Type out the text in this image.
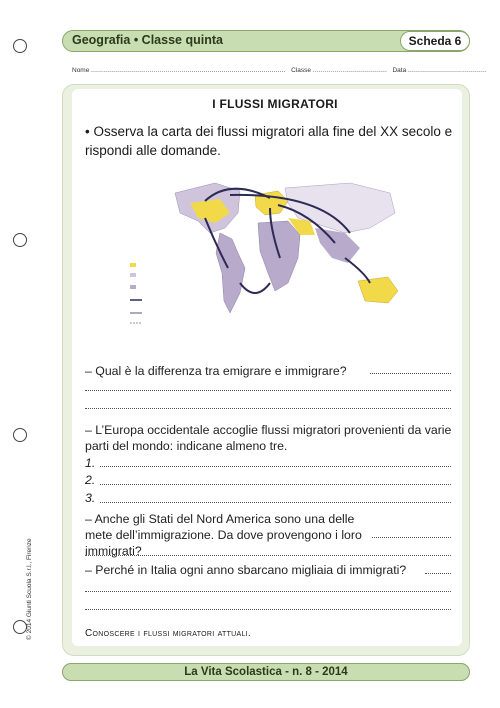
Geografia • Classe quinta	Scheda 6
Nome ................................................................................................. Classe ..................................... Data .......................................
I FLUSSI MIGRATORI
• Osserva la carta dei flussi migratori alla fine del XX secolo e rispondi alle domande.
– Qual è la differenza tra emigrare e immigrare?
– L’Europa occidentale accoglie flussi migratori provenienti da varie parti del mondo: indicane almeno tre.
1.
2.
3.
– Anche gli Stati del Nord America sono una delle mete dell’immigrazione. Da dove provengono i loro immigrati?
– Perché in Italia ogni anno sbarcano migliaia di immigrati?
Conoscere i flussi migratori attuali.
La Vita Scolastica - n. 8 - 2014
© 2014 Giunti Scuola S.r.l., Firenze
